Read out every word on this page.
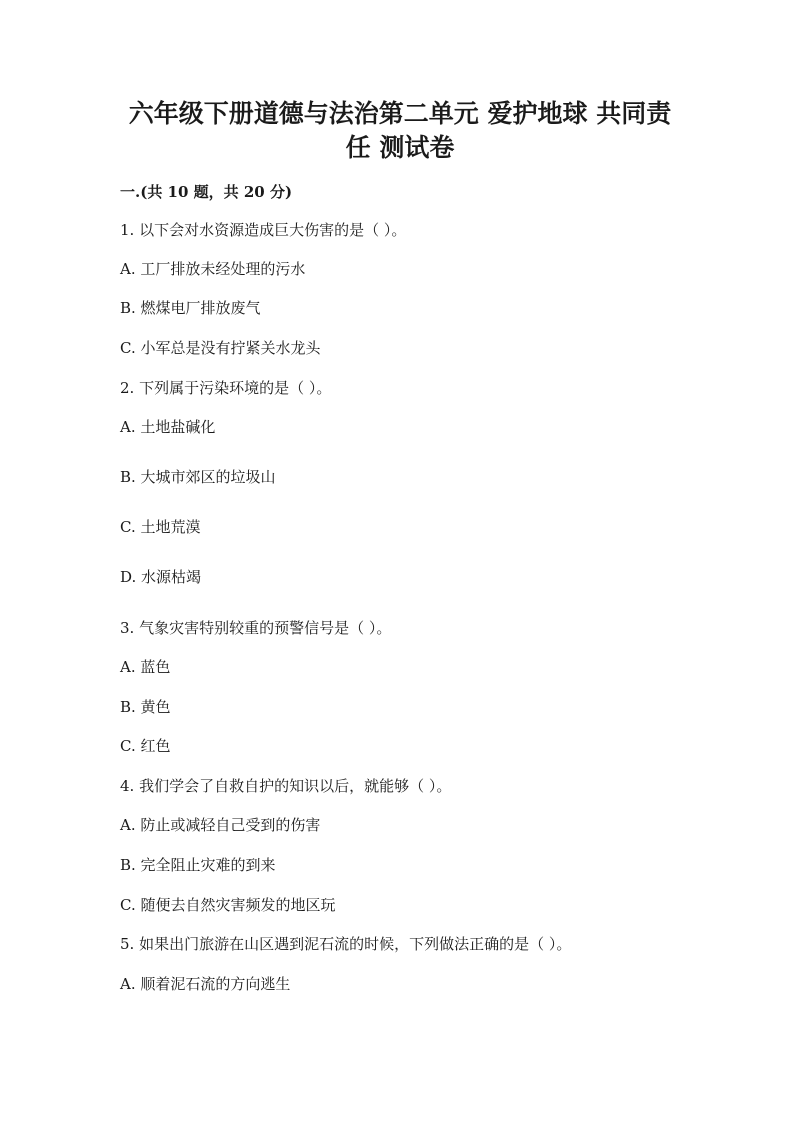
六年级下册道德与法治第二单元 爱护地球 共同责
任 测试卷

一.(共 10 题，共 20 分)

1. 以下会对水资源造成巨大伤害的是（ ）。

A. 工厂排放未经处理的污水

B. 燃煤电厂排放废气

C. 小军总是没有拧紧关水龙头

2. 下列属于污染环境的是（ ）。

A. 土地盐碱化

B. 大城市郊区的垃圾山

C. 土地荒漠

D. 水源枯竭

3. 气象灾害特别较重的预警信号是（ ）。

A. 蓝色

B. 黄色

C. 红色

4. 我们学会了自救自护的知识以后，就能够（ ）。

A. 防止或减轻自己受到的伤害

B. 完全阻止灾难的到来

C. 随便去自然灾害频发的地区玩

5. 如果出门旅游在山区遇到泥石流的时候，下列做法正确的是（ ）。

A. 顺着泥石流的方向逃生
